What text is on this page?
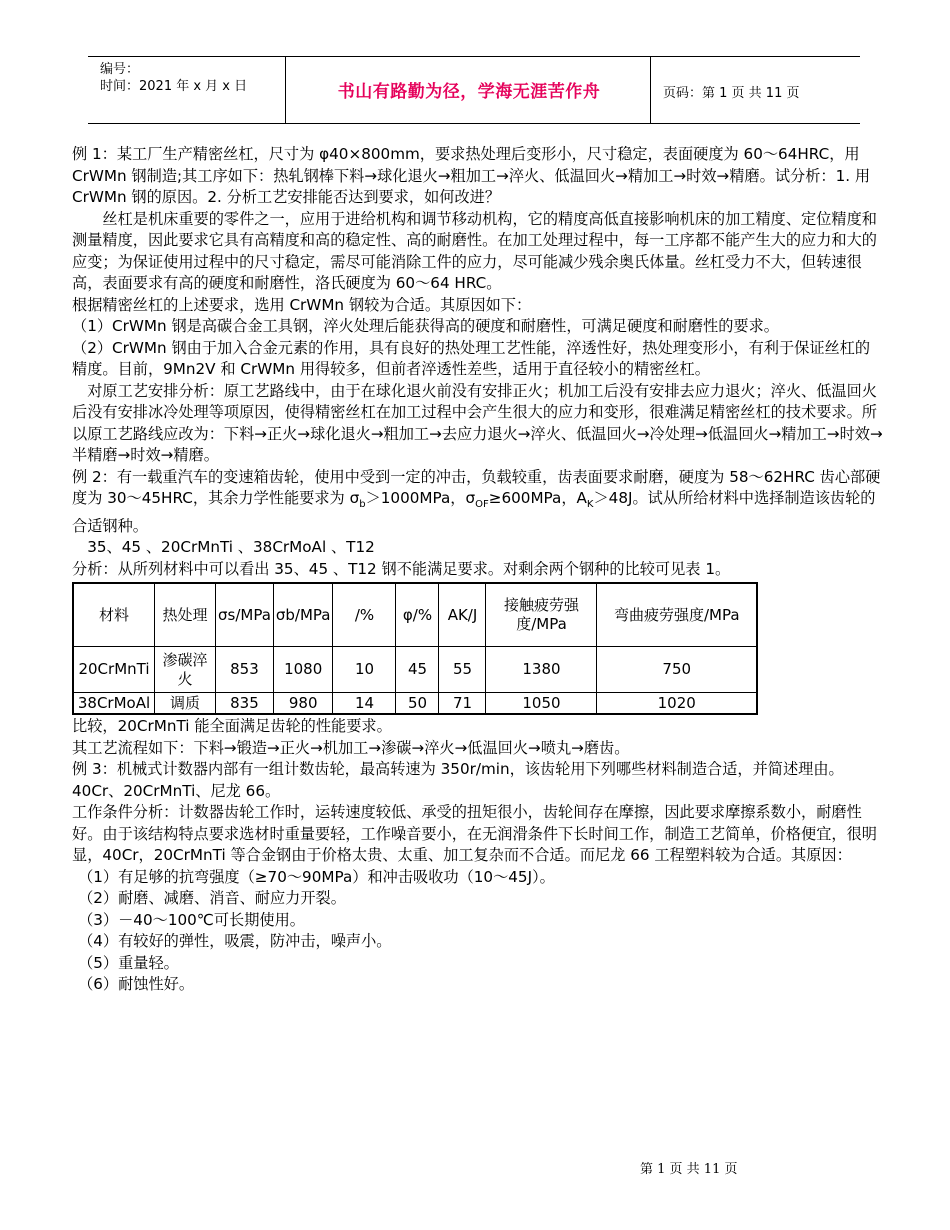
编号：
时间：2021 年 x 月 x 日	书山有路勤为径，学海无涯苦作舟	页码：第 1 页 共 11 页

例 1：某工厂生产精密丝杠，尺寸为 φ40×800mm，要求热处理后变形小，尺寸稳定，表面硬度为 60～64HRC，用 CrWMn 钢制造;其工序如下：热轧钢棒下料→球化退火→粗加工→淬火、低温回火→精加工→时效→精磨。试分析：1. 用 CrWMn 钢的原因。2. 分析工艺安排能否达到要求，如何改进？

丝杠是机床重要的零件之一，应用于进给机构和调节移动机构，它的精度高低直接影响机床的加工精度、定位精度和测量精度，因此要求它具有高精度和高的稳定性、高的耐磨性。在加工处理过程中，每一工序都不能产生大的应力和大的应变；为保证使用过程中的尺寸稳定，需尽可能消除工件的应力，尽可能减少残余奥氏体量。丝杠受力不大，但转速很高，表面要求有高的硬度和耐磨性，洛氏硬度为 60～64 HRC。

根据精密丝杠的上述要求，选用 CrWMn 钢较为合适。其原因如下：

（1）CrWMn 钢是高碳合金工具钢，淬火处理后能获得高的硬度和耐磨性，可满足硬度和耐磨性的要求。

（2）CrWMn 钢由于加入合金元素的作用，具有良好的热处理工艺性能，淬透性好，热处理变形小，有利于保证丝杠的精度。目前，9Mn2V 和 CrWMn 用得较多，但前者淬透性差些，适用于直径较小的精密丝杠。

对原工艺安排分析：原工艺路线中，由于在球化退火前没有安排正火；机加工后没有安排去应力退火；淬火、低温回火后没有安排冰冷处理等项原因，使得精密丝杠在加工过程中会产生很大的应力和变形，很难满足精密丝杠的技术要求。所以原工艺路线应改为：下料→正火→球化退火→粗加工→去应力退火→淬火、低温回火→冷处理→低温回火→精加工→时效→半精磨→时效→精磨。

例 2：有一载重汽车的变速箱齿轮，使用中受到一定的冲击，负载较重，齿表面要求耐磨，硬度为 58～62HRC 齿心部硬度为 30～45HRC，其余力学性能要求为 $\sigma_b>1000MPa$，$\sigma_{OF}\ge 600MPa$，$A_K>48J$。试从所给材料中选择制造该齿轮的合适钢种。

35、45 、20CrMnTi 、38CrMoAl 、T12

分析：从所列材料中可以看出 35、45 、T12 钢不能满足要求。对剩余两个钢种的比较可见表 1。

材料	热处理	σs/MPa	σb/MPa	/%	φ/%	AK/J	接触疲劳强度/MPa	弯曲疲劳强度/MPa
20CrMnTi	渗碳淬火	853	1080	10	45	55	1380	750
38CrMoAl	调质	835	980	14	50	71	1050	1020

比较，20CrMnTi 能全面满足齿轮的性能要求。

其工艺流程如下：下料→锻造→正火→机加工→渗碳→淬火→低温回火→喷丸→磨齿。

例 3：机械式计数器内部有一组计数齿轮，最高转速为 350r/min，该齿轮用下列哪些材料制造合适，并简述理由。40Cr、20CrMnTi、尼龙 66。

工作条件分析：计数器齿轮工作时，运转速度较低、承受的扭矩很小，齿轮间存在摩擦，因此要求摩擦系数小，耐磨性好。由于该结构特点要求选材时重量要轻，工作噪音要小，在无润滑条件下长时间工作，制造工艺简单，价格便宜，很明显，40Cr，20CrMnTi 等合金钢由于价格太贵、太重、加工复杂而不合适。而尼龙 66 工程塑料较为合适。其原因：

（1）有足够的抗弯强度（≥70～90MPa）和冲击吸收功（10～45J）。

（2）耐磨、减磨、消音、耐应力开裂。

（3）－40～100℃可长期使用。

（4）有较好的弹性，吸震，防冲击，噪声小。

（5）重量轻。

（6）耐蚀性好。

第 1 页 共 11 页
